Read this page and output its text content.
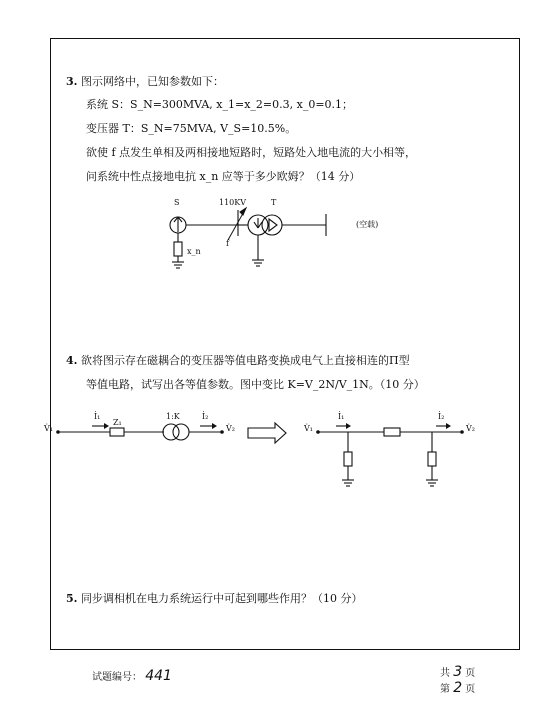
3. 图示网络中，已知参数如下：
系统 S：S_N=300MVA, x_1=x_2=0.3, x_0=0.1；
变压器 T：S_N=75MVA, V_S=10.5%。
欲使 f 点发生单相及两相接地短路时，短路处入地电流的大小相等，
问系统中性点接地电抗 x_n 应等于多少欧姆？（14 分）
S	110KV	T
f
x_n
(空载)
4. 欲将图示存在磁耦合的变压器等值电路变换成电气上直接相连的Π型
等值电路，试写出各等值参数。图中变比 K=V_2N/V_1N。（10 分）
V̇₁
İ₁
Z₁
1:K	İ₂
V̇₂	V̇₁
İ₁	İ₂
V̇₂
5. 同步调相机在电力系统运行中可起到哪些作用？（10 分）
试题编号： 441	共 3 页
第 2 页
